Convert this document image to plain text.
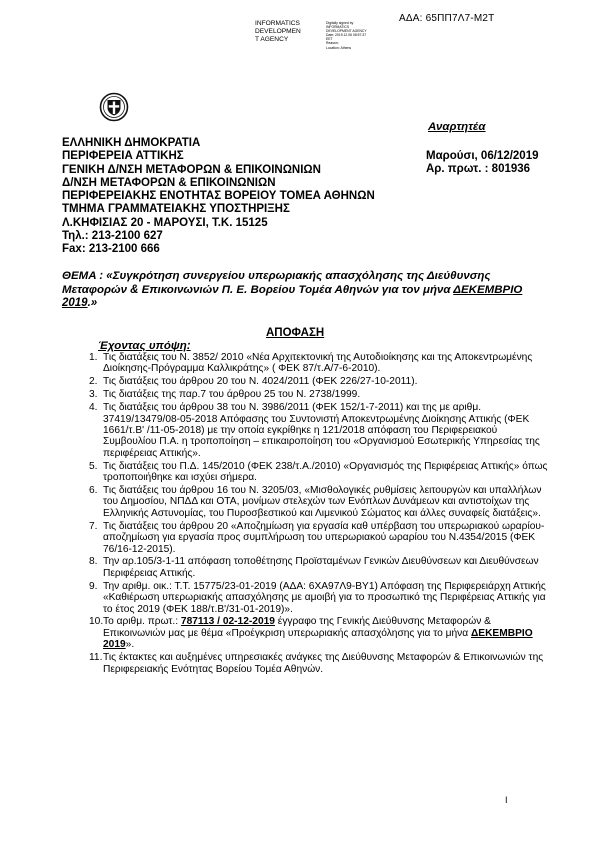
ΑΔΑ: 65ΠΠ7Λ7-Μ2Τ
INFORMATICS
DEVELOPMEN
T AGENCY
Digitally signed by
INFORMATICS
DEVELOPMENT AGENCY
Date: 2019.12.06 08:57:37
EET
Reason:
Location: Athens
Αναρτητέα
ΕΛΛΗΝΙΚΗ ΔΗΜΟΚΡΑΤΙΑ
ΠΕΡΙΦΕΡΕΙΑ ΑΤΤΙΚΗΣ
ΓΕΝΙΚΗ Δ/ΝΣΗ ΜΕΤΑΦΟΡΩΝ & ΕΠΙΚΟΙΝΩΝΙΩΝ
Δ/ΝΣΗ ΜΕΤΑΦΟΡΩΝ & ΕΠΙΚΟΙΝΩΝΙΩΝ
ΠΕΡΙΦΕΡΕΙΑΚΗΣ ΕΝΟΤΗΤΑΣ ΒΟΡΕΙΟΥ ΤΟΜΕΑ ΑΘΗΝΩΝ
ΤΜΗΜΑ ΓΡΑΜΜΑΤΕΙΑΚΗΣ ΥΠΟΣΤΗΡΙΞΗΣ
Λ.ΚΗΦΙΣΙΑΣ 20 - ΜΑΡΟΥΣΙ, Τ.Κ. 15125
Τηλ.: 213-2100 627
Fax: 213-2100 666
Μαρούσι, 06/12/2019
Αρ. πρωτ. : 801936
ΘΕΜΑ : «Συγκρότηση συνεργείου υπερωριακής απασχόλησης της Διεύθυνσης Μεταφορών & Επικοινωνιών Π. Ε. Βορείου Τομέα Αθηνών για τον μήνα ΔΕΚΕΜΒΡΙΟ 2019.»
ΑΠΟΦΑΣΗ
Έχοντας υπόψη:
1. Τις διατάξεις του Ν. 3852/ 2010 «Νέα Αρχιτεκτονική της Αυτοδιοίκησης και της Αποκεντρωμένης Διοίκησης-Πρόγραμμα Καλλικράτης» ( ΦΕΚ 87/τ.Α/7-6-2010).
2. Τις διατάξεις του άρθρου 20 του Ν. 4024/2011 (ΦΕΚ 226/27-10-2011).
3. Τις διατάξεις της παρ.7 του άρθρου 25 του Ν. 2738/1999.
4. Τις διατάξεις του άρθρου 38 του Ν. 3986/2011 (ΦΕΚ 152/1-7-2011) και της με αριθμ. 37419/13479/08-05-2018 Απόφασης του Συντονιστή Αποκεντρωμένης Διοίκησης Αττικής (ΦΕΚ 1661/τ.Β' /11-05-2018) με την οποία εγκρίθηκε η 121/2018 απόφαση του Περιφερειακού Συμβουλίου Π.Α. η τροποποίηση – επικαιροποίηση του «Οργανισμού Εσωτερικής Υπηρεσίας της περιφέρειας Αττικής».
5. Τις διατάξεις του Π.Δ. 145/2010 (ΦΕΚ 238/τ.Α./2010) «Οργανισμός της Περιφέρειας Αττικής» όπως τροποποιήθηκε και ισχύει σήμερα.
6. Τις διατάξεις του άρθρου 16 του Ν. 3205/03, «Μισθολογικές ρυθμίσεις λειτουργών και υπαλλήλων του Δημοσίου, ΝΠΔΔ και ΟΤΑ, μονίμων στελεχών των Ενόπλων Δυνάμεων και αντιστοίχων της Ελληνικής Αστυνομίας, του Πυροσβεστικού και Λιμενικού Σώματος και άλλες συναφείς διατάξεις».
7. Τις διατάξεις του άρθρου 20 «Αποζημίωση για εργασία καθ υπέρβαση του υπερωριακού ωραρίου-αποζημίωση για εργασία προς συμπλήρωση του υπερωριακού ωραρίου του Ν.4354/2015 (ΦΕΚ 76/16-12-2015).
8. Την αρ.105/3-1-11 απόφαση τοποθέτησης Προϊσταμένων Γενικών Διευθύνσεων και Διευθύνσεων Περιφέρειας Αττικής.
9. Την αριθμ. οικ.: Τ.Τ. 15775/23-01-2019 (ΑΔΑ: 6ΧΑ97Λ9-ΒΥ1) Απόφαση της Περιφερειάρχη Αττικής «Καθιέρωση υπερωριακής απασχόλησης με αμοιβή για το προσωπικό της Περιφέρειας Αττικής για το έτος 2019 (ΦΕΚ 188/τ.Β'/31-01-2019)».
10. Το αριθμ. πρωτ.: 787113 / 02-12-2019 έγγραφο της Γενικής Διεύθυνσης Μεταφορών & Επικοινωνιών μας με θέμα «Προέγκριση υπερωριακής απασχόλησης για το μήνα ΔΕΚΕΜΒΡΙΟ 2019».
11. Τις έκτακτες και αυξημένες υπηρεσιακές ανάγκες της Διεύθυνσης Μεταφορών & Επικοινωνιών της Περιφερειακής Ενότητας Βορείου Τομέα Αθηνών.
I
